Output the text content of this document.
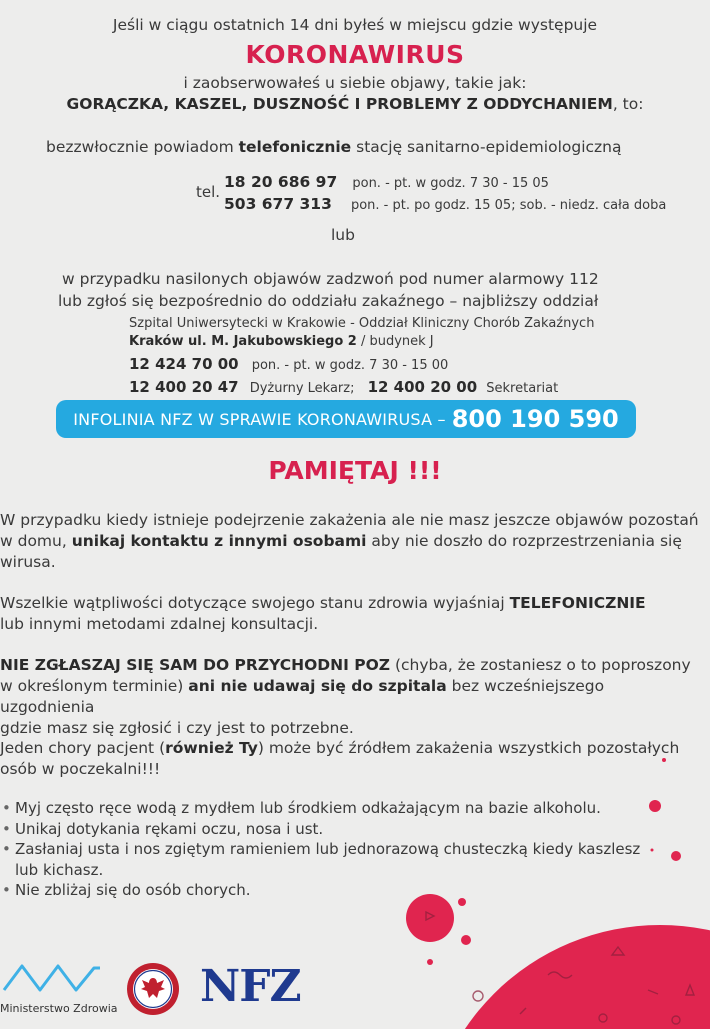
Jeśli w ciągu ostatnich 14 dni byłeś w miejscu gdzie występuje
KORONAWIRUS
i zaobserwowałeś u siebie objawy, takie jak:
GORĄCZKA, KASZEL, DUSZNOŚĆ I PROBLEMY Z ODDYCHANIEM, to:
bezzwłocznie powiadom telefonicznie stację sanitarno-epidemiologiczną
tel.
18 20 686 97 pon. - pt. w godz. 7 30 - 15 05
503 677 313 pon. - pt. po godz. 15 05; sob. - niedz. cała doba
lub
w przypadku nasilonych objawów zadzwoń pod numer alarmowy 112
lub zgłoś się bezpośrednio do oddziału zakaźnego – najbliższy oddział
Szpital Uniwersytecki w Krakowie - Oddział Kliniczny Chorób Zakaźnych
Kraków ul. M. Jakubowskiego 2 / budynek J
12 424 70 00 pon. - pt. w godz. 7 30 - 15 00
12 400 20 47 Dyżurny Lekarz; 12 400 20 00 Sekretariat
INFOLINIA NFZ W SPRAWIE KORONAWIRUSA – 800 190 590
PAMIĘTAJ !!!
W przypadku kiedy istnieje podejrzenie zakażenia ale nie masz jeszcze objawów pozostań
w domu, unikaj kontaktu z innymi osobami aby nie doszło do rozprzestrzeniania się
wirusa.
Wszelkie wątpliwości dotyczące swojego stanu zdrowia wyjaśniaj TELEFONICZNIE
lub innymi metodami zdalnej konsultacji.
NIE ZGŁASZAJ SIĘ SAM DO PRZYCHODNI POZ (chyba, że zostaniesz o to poproszony
w określonym terminie) ani nie udawaj się do szpitala bez wcześniejszego uzgodnienia
gdzie masz się zgłosić i czy jest to potrzebne.
Jeden chory pacjent (również Ty) może być źródłem zakażenia wszystkich pozostałych
osób w poczekalni!!!
• Myj często ręce wodą z mydłem lub środkiem odkażającym na bazie alkoholu.
• Unikaj dotykania rękami oczu, nosa i ust.
• Zasłaniaj usta i nos zgiętym ramieniem lub jednorazową chusteczką kiedy kaszlesz
lub kichasz.
• Nie zbliżaj się do osób chorych.
Ministerstwo Zdrowia NFZ
